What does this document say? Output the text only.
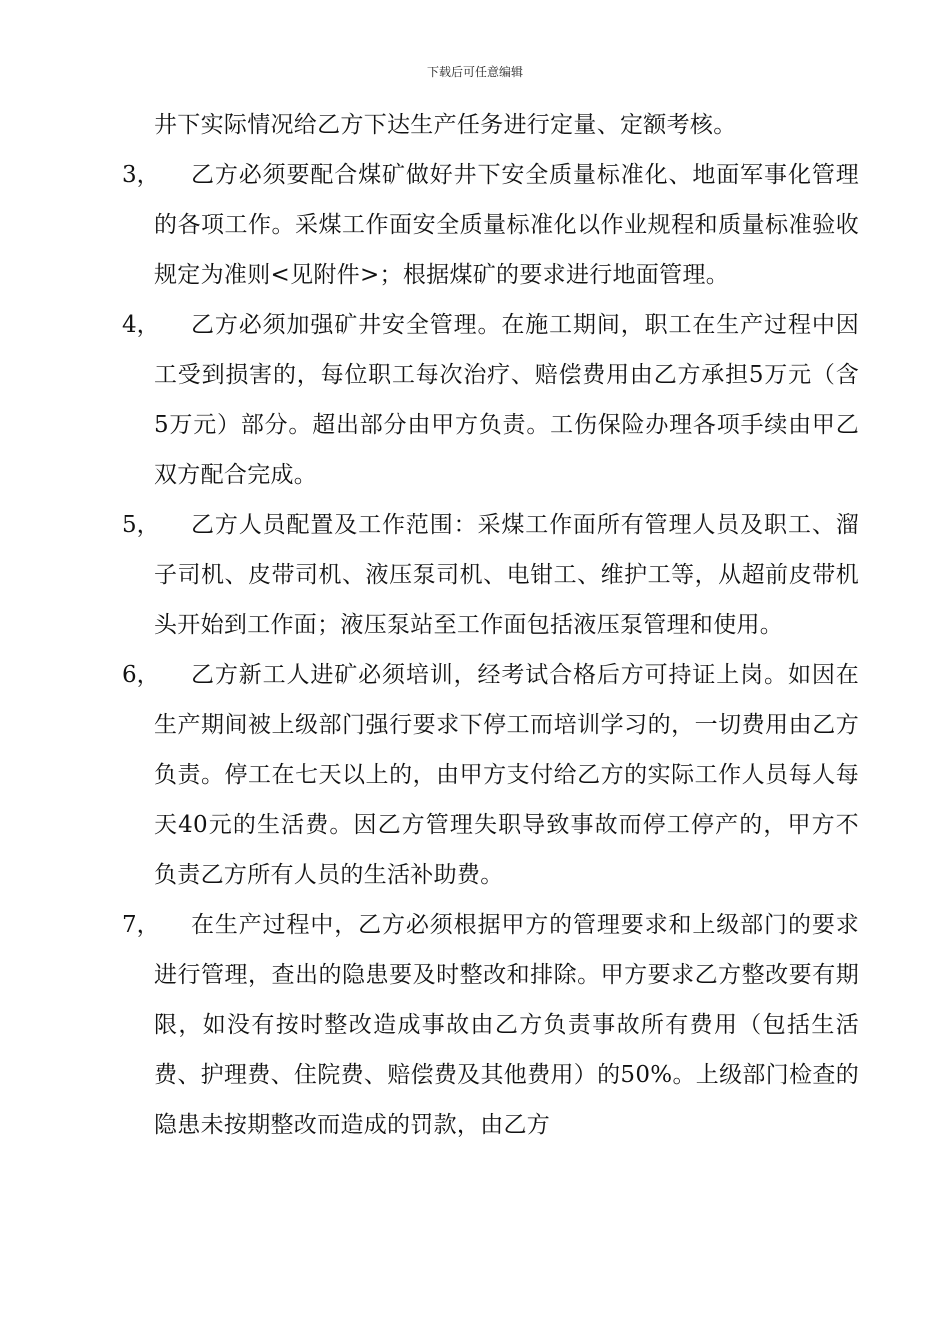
下载后可任意编辑
井下实际情况给乙方下达生产任务进行定量、定额考核。
3，	乙方必须要配合煤矿做好井下安全质量标准化、地面军事化管理的各项工作。采煤工作面安全质量标准化以作业规程和质量标准验收规定为准则<见附件>；根据煤矿的要求进行地面管理。
4，	乙方必须加强矿井安全管理。在施工期间，职工在生产过程中因工受到损害的，每位职工每次治疗、赔偿费用由乙方承担5万元（含5万元）部分。超出部分由甲方负责。工伤保险办理各项手续由甲乙双方配合完成。
5，	乙方人员配置及工作范围：采煤工作面所有管理人员及职工、溜子司机、皮带司机、液压泵司机、电钳工、维护工等，从超前皮带机头开始到工作面；液压泵站至工作面包括液压泵管理和使用。
6，	乙方新工人进矿必须培训，经考试合格后方可持证上岗。如因在生产期间被上级部门强行要求下停工而培训学习的，一切费用由乙方负责。停工在七天以上的，由甲方支付给乙方的实际工作人员每人每天40元的生活费。因乙方管理失职导致事故而停工停产的，甲方不负责乙方所有人员的生活补助费。
7，	在生产过程中，乙方必须根据甲方的管理要求和上级部门的要求进行管理，查出的隐患要及时整改和排除。甲方要求乙方整改要有期限，如没有按时整改造成事故由乙方负责事故所有费用（包括生活费、护理费、住院费、赔偿费及其他费用）的50%。上级部门检查的隐患未按期整改而造成的罚款，由乙方
